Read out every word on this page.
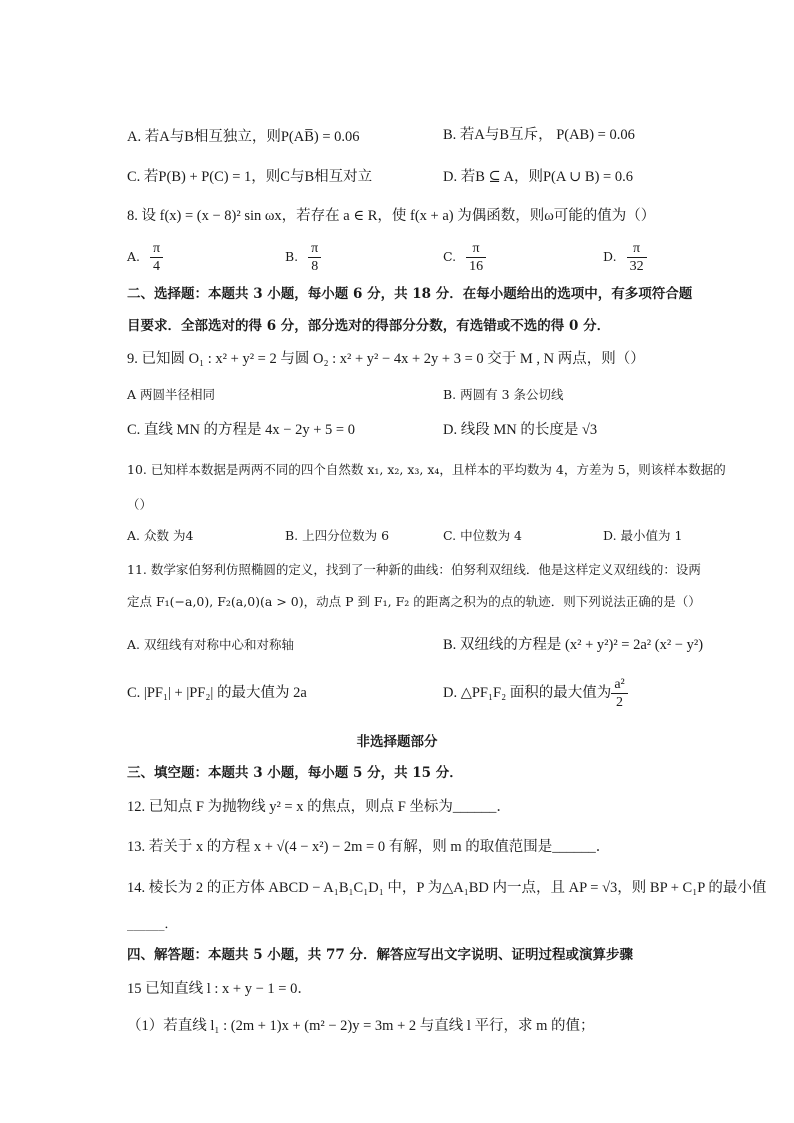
A. 若A与B相互独立，则P(AB̅) = 0.06	B. 若A与B互斥， P(AB) = 0.06
C. 若P(B) + P(C) = 1，则C与B相互对立	D. 若B ⊆ A，则P(A ∪ B) = 0.6
8. 设 f(x) = (x − 8)² sin ωx，若存在 a ∈ R，使 f(x + a) 为偶函数，则ω可能的值为（）
A. $\frac{\pi}{4}$	B. $\frac{\pi}{8}$	C. $\frac{\pi}{16}$	D. $\frac{\pi}{32}$
二、选择题：本题共 3 小题，每小题 6 分，共 18 分．在每小题给出的选项中，有多项符合题
目要求．全部选对的得 6 分，部分选对的得部分分数，有选错或不选的得 0 分．
9. 已知圆 O₁ : x² + y² = 2 与圆 O₂ : x² + y² − 4x + 2y + 3 = 0 交于 M , N 两点，则（）
A 两圆半径相同	B. 两圆有 3 条公切线
C. 直线 MN 的方程是 4x − 2y + 5 = 0	D. 线段 MN 的长度是 √3
10. 已知样本数据是两两不同的四个自然数 x₁, x₂, x₃, x₄，且样本的平均数为 4，方差为 5，则该样本数据的
（）
A. 众数 为4	B. 上四分位数为 6	C. 中位数为 4	D. 最小值为 1
11. 数学家伯努利仿照椭圆的定义，找到了一种新的曲线：伯努利双纽线．他是这样定义双纽线的：设两
定点 F₁(−a,0), F₂(a,0)(a > 0)，动点 P 到 F₁, F₂ 的距离之积为的点的轨迹．则下列说法正确的是（）
A. 双纽线有对称中心和对称轴	B. 双纽线的方程是 (x² + y²)² = 2a² (x² − y²)
C. |PF₁| + |PF₂| 的最大值为 2a	D. △PF₁F₂ 面积的最大值为 $\frac{\text{a²}}{2}$
非选择题部分
三、填空题：本题共 3 小题，每小题 5 分，共 15 分．
12. 已知点 F 为抛物线 y² = x 的焦点，则点 F 坐标为______．
13. 若关于 x 的方程 x + √(4 − x²) − 2m = 0 有解，则 m 的取值范围是______．
14. 棱长为 2 的正方体 ABCD − A₁B₁C₁D₁ 中，P 为△A₁BD 内一点，且 AP = √3，则 BP + C₁P 的最小值
______．
四、解答题：本题共 5 小题，共 77 分．解答应写出文字说明、证明过程或演算步骤
15 已知直线 l : x + y − 1 = 0．
（1）若直线 l₁ : (2m + 1)x + (m² − 2)y = 3m + 2 与直线 l 平行，求 m 的值；
